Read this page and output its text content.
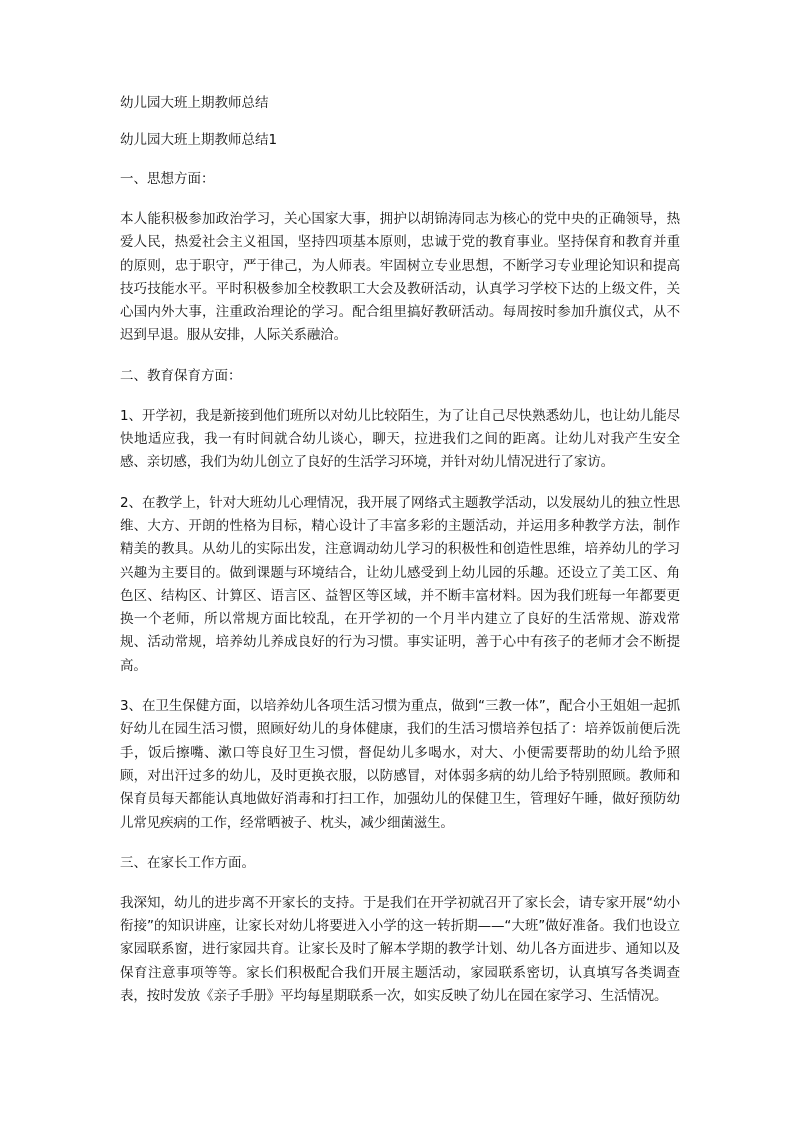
幼儿园大班上期教师总结

幼儿园大班上期教师总结1

一、思想方面：

本人能积极参加政治学习，关心国家大事，拥护以胡锦涛同志为核心的党中央的正确领导，热爱人民，热爱社会主义祖国，坚持四项基本原则，忠诚于党的教育事业。坚持保育和教育并重的原则，忠于职守，严于律己，为人师表。牢固树立专业思想，不断学习专业理论知识和提高技巧技能水平。平时积极参加全校教职工大会及教研活动，认真学习学校下达的上级文件，关心国内外大事，注重政治理论的学习。配合组里搞好教研活动。每周按时参加升旗仪式，从不迟到早退。服从安排，人际关系融洽。

二、教育保育方面：

1、开学初，我是新接到他们班所以对幼儿比较陌生，为了让自己尽快熟悉幼儿，也让幼儿能尽快地适应我，我一有时间就合幼儿谈心，聊天，拉进我们之间的距离。让幼儿对我产生安全感、亲切感，我们为幼儿创立了良好的生活学习环境，并针对幼儿情况进行了家访。

2、在教学上，针对大班幼儿心理情况，我开展了网络式主题教学活动，以发展幼儿的独立性思维、大方、开朗的性格为目标，精心设计了丰富多彩的主题活动，并运用多种教学方法，制作精美的教具。从幼儿的实际出发，注意调动幼儿学习的积极性和创造性思维，培养幼儿的学习兴趣为主要目的。做到课题与环境结合，让幼儿感受到上幼儿园的乐趣。还设立了美工区、角色区、结构区、计算区、语言区、益智区等区域，并不断丰富材料。因为我们班每一年都要更换一个老师，所以常规方面比较乱，在开学初的一个月半内建立了良好的生活常规、游戏常规、活动常规，培养幼儿养成良好的行为习惯。事实证明，善于心中有孩子的老师才会不断提高。

3、在卫生保健方面，以培养幼儿各项生活习惯为重点，做到“三教一体”，配合小王姐姐一起抓好幼儿在园生活习惯，照顾好幼儿的身体健康，我们的生活习惯培养包括了：培养饭前便后洗手，饭后擦嘴、漱口等良好卫生习惯，督促幼儿多喝水，对大、小便需要帮助的幼儿给予照顾，对出汗过多的幼儿，及时更换衣服，以防感冒，对体弱多病的幼儿给予特别照顾。教师和保育员每天都能认真地做好消毒和打扫工作，加强幼儿的保健卫生，管理好午睡，做好预防幼儿常见疾病的工作，经常晒被子、枕头，减少细菌滋生。

三、在家长工作方面。

我深知，幼儿的进步离不开家长的支持。于是我们在开学初就召开了家长会，请专家开展“幼小衔接”的知识讲座，让家长对幼儿将要进入小学的这一转折期——“大班”做好准备。我们也设立家园联系窗，进行家园共育。让家长及时了解本学期的教学计划、幼儿各方面进步、通知以及保育注意事项等等。家长们积极配合我们开展主题活动，家园联系密切，认真填写各类调查表，按时发放《亲子手册》平均每星期联系一次，如实反映了幼儿在园在家学习、生活情况。
